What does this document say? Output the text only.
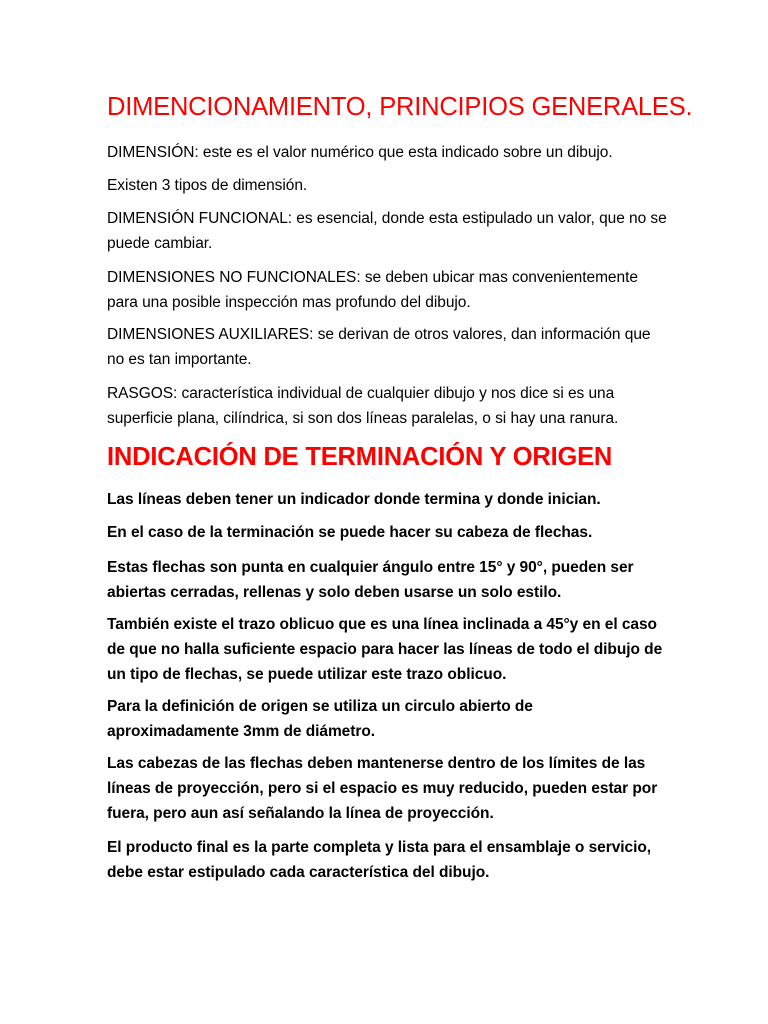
DIMENCIONAMIENTO, PRINCIPIOS GENERALES.

DIMENSIÓN: este es el valor numérico que esta indicado sobre un dibujo.

Existen 3 tipos de dimensión.

DIMENSIÓN FUNCIONAL: es esencial, donde esta estipulado un valor, que no se puede cambiar.

DIMENSIONES NO FUNCIONALES: se deben ubicar mas convenientemente para una posible inspección mas profundo del dibujo.

DIMENSIONES AUXILIARES: se derivan de otros valores, dan información que no es tan importante.

RASGOS: característica individual de cualquier dibujo y nos dice si es una superficie plana, cilíndrica, si son dos líneas paralelas, o si hay una ranura.

INDICACIÓN DE TERMINACIÓN Y ORIGEN

Las líneas deben tener un indicador donde termina y donde inician.

En el caso de la terminación se puede hacer su cabeza de flechas.

Estas flechas son punta en cualquier ángulo entre 15° y 90°, pueden ser abiertas cerradas, rellenas y solo deben usarse un solo estilo.

También existe el trazo oblicuo que es una línea inclinada a 45°y en el caso de que no halla suficiente espacio para hacer las líneas de todo el dibujo de un tipo de flechas, se puede utilizar este trazo oblicuo.

Para la definición de origen se utiliza un circulo abierto de aproximadamente 3mm de diámetro.

Las cabezas de las flechas deben mantenerse dentro de los límites de las líneas de proyección, pero si el espacio es muy reducido, pueden estar por fuera, pero aun así señalando la línea de proyección.

El producto final es la parte completa y lista para el ensamblaje o servicio, debe estar estipulado cada característica del dibujo.
